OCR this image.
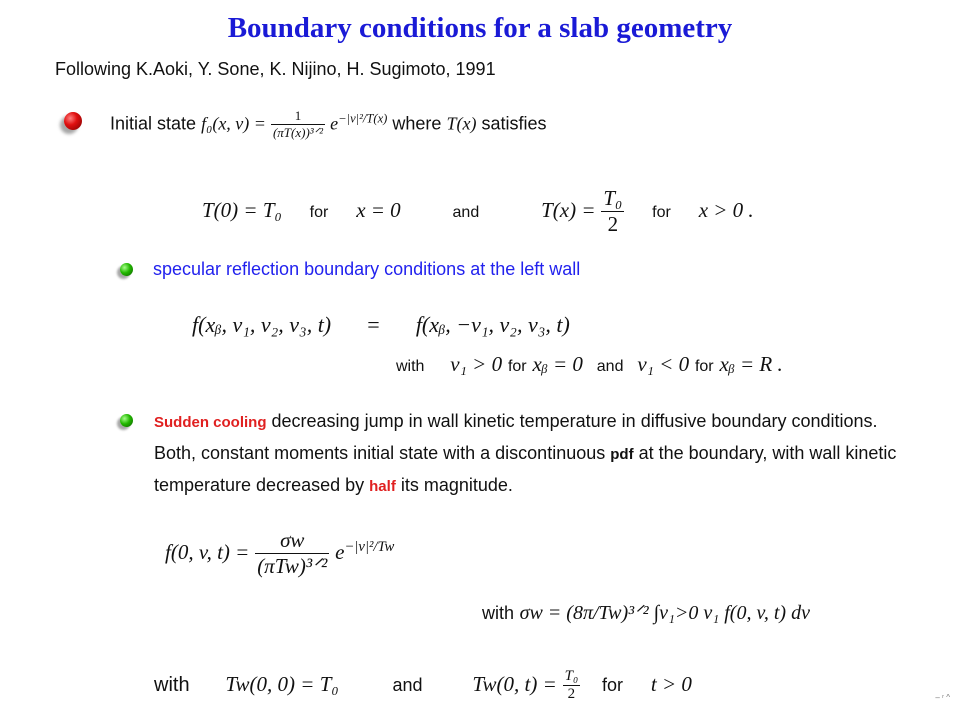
Boundary conditions for a slab geometry
Following K.Aoki, Y. Sone, K. Nijino, H. Sugimoto, 1991
Initial state f₀(x, $v) = \frac{1}{\text{(πT(x))³ᐟ²}} e^{-|v|^2/T(x)}$ where T(x) satisfies
T(0) = T₀ for x = 0	and	$T(x) = \frac{\text{T₀}}{2}$ for x > 0 .
specular reflection boundary conditions at the left wall
f(xᵦ, v₁, v₂, v₃, t) = f(xᵦ, −v₁, v₂, v₃, t)
with v₁ > 0 for xᵦ = 0 and v₁ < 0 for xᵦ = R .
Sudden cooling decreasing jump in wall kinetic temperature in diffusive boundary conditions. Both, constant moments initial state with a discontinuous pdf at the boundary, with wall kinetic temperature decreased by half its magnitude.
f(0, v, $t) = \frac{\sigma w}{\text{(πTw)³ᐟ²}} e^{-|v|^2/Tw}$
with σw = (8π/Tw)³ᐟ² ∫v₁>0 v₁ f(0, v, t) dv
with Tw(0, 0) = T₀	and Tw(0, $t) = \frac{\text{T₀}}{2}$ for t > 0
– ʳ ^
